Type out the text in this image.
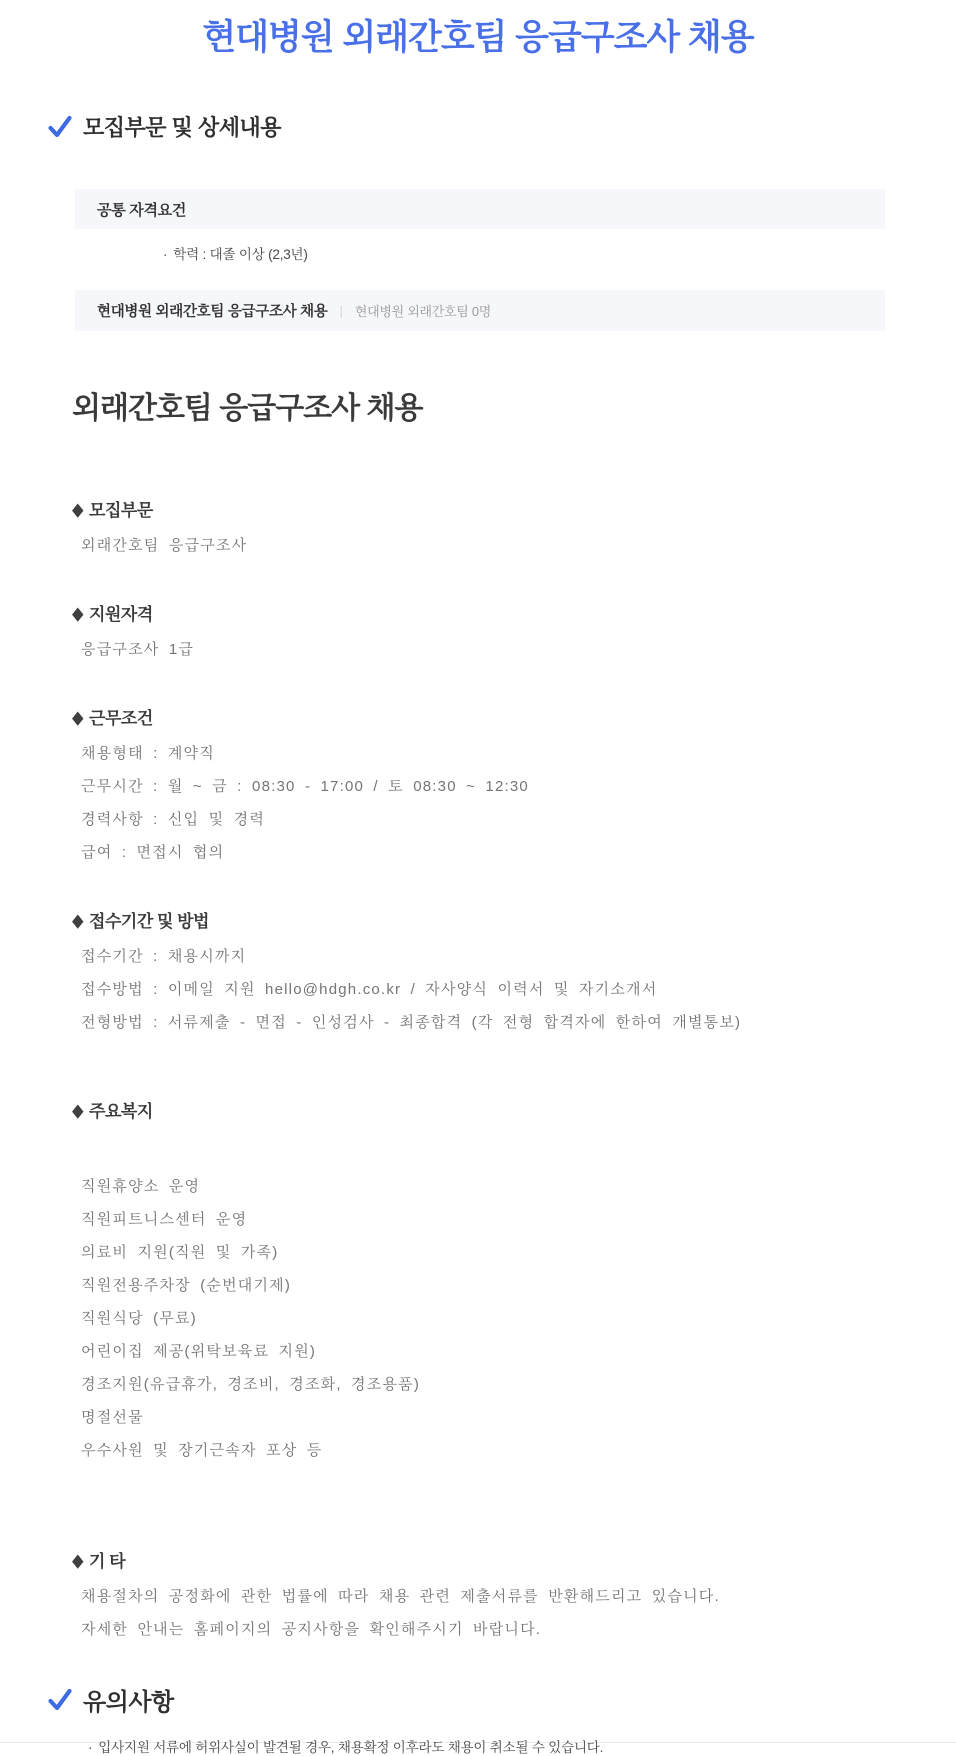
현대병원 외래간호팀 응급구조사 채용
모집부문 및 상세내용
공통 자격요건
· 학력 : 대졸 이상 (2,3년)
현대병원 외래간호팀 응급구조사 채용 | 현대병원 외래간호팀 0명
외래간호팀 응급구조사 채용
◆ 모집부문

외래간호팀 응급구조사

◆ 지원자격

응급구조사 1급

◆ 근무조건

채용형태 : 계약직

근무시간 : 월 ~ 금 : 08:30 - 17:00 / 토 08:30 ~ 12:30

경력사항 : 신입 및 경력

급여 : 면접시 협의

◆ 접수기간 및 방법

접수기간 : 채용시까지

접수방법 : 이메일 지원 hello@hdgh.co.kr / 자사양식 이력서 및 자기소개서

전형방법 : 서류제출 - 면접 - 인성검사 - 최종합격 (각 전형 합격자에 한하여 개별통보)

◆ 주요복지

직원휴양소 운영

직원피트니스센터 운영

의료비 지원(직원 및 가족)

직원전용주차장 (순번대기제)

직원식당 (무료)

어린이집 제공(위탁보육료 지원)

경조지원(유급휴가, 경조비, 경조화, 경조용품)

명절선물

우수사원 및 장기근속자 포상 등

◆ 기 타

채용절차의 공정화에 관한 법률에 따라 채용 관련 제출서류를 반환해드리고 있습니다.

자세한 안내는 홈페이지의 공지사항을 확인해주시기 바랍니다.

유의사항
· 입사지원 서류에 허위사실이 발견될 경우, 채용확정 이후라도 채용이 취소될 수 있습니다.
